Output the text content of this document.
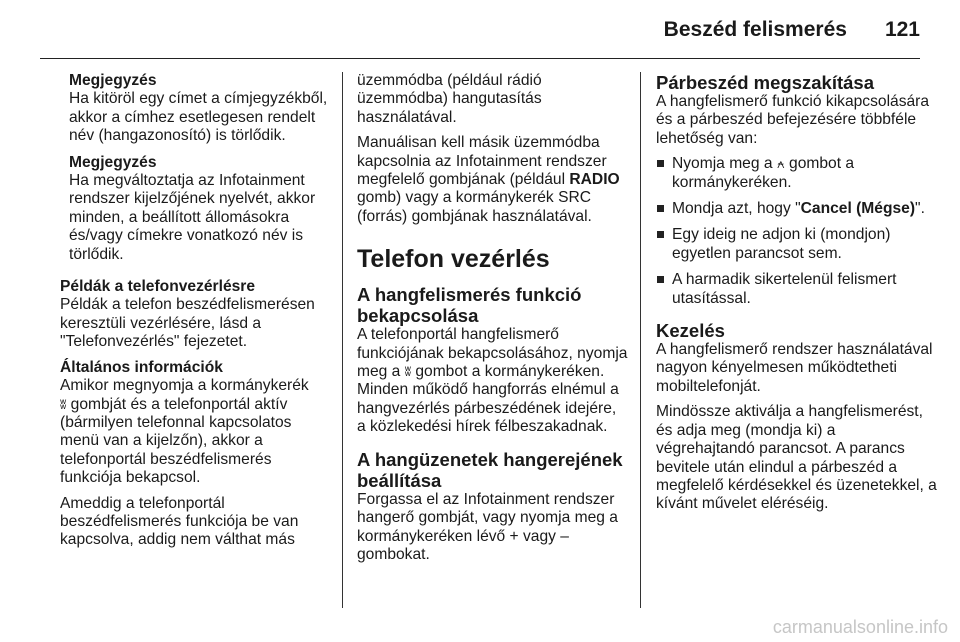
Beszéd felismerés 121
Megjegyzés
Ha kitöröl egy címet a címjegyzékből, akkor a címhez esetlegesen rendelt név (hangazonosító) is törlődik.
Megjegyzés
Ha megváltoztatja az Infotainment rendszer kijelzőjének nyelvét, akkor minden, a beállított állomásokra és/vagy címekre vonatkozó név is törlődik.
Példák a telefonvezérlésre

Példák a telefon beszédfelismerésen keresztüli vezérlésére, lásd a "Telefonvezérlés" fejezetet.

Általános információk

Amikor megnyomja a kormánykerék
ʬ gombját és a telefonportál aktív (bármilyen telefonnal kapcsolatos menü van a kijelzőn), akkor a telefonportál beszédfelismerés funkciója bekapcsol.

Ameddig a telefonportál beszédfelismerés funkciója be van kapcsolva, addig nem válthat más

üzemmódba (például rádió üzemmódba) hangutasítás használatával.

Manuálisan kell másik üzemmódba kapcsolnia az Infotainment rendszer megfelelő gombjának (például RADIO gomb) vagy a kormánykerék SRC (forrás) gombjának használatával.

Telefon vezérlés
A hangfelismerés funkció bekapcsolása

A telefonportál hangfelismerő funkciójának bekapcsolásához, nyomja meg a ʬ gombot a kormánykeréken. Minden működő hangforrás elnémul a hangvezérlés párbeszédének idejére, a közlekedési hírek félbeszakadnak.

A hangüzenetek hangerejének beállítása

Forgassa el az Infotainment rendszer hangerő gombját, vagy nyomja meg a kormánykeréken lévő + vagy – gombokat.

Párbeszéd megszakítása

A hangfelismerő funkció kikapcsolására és a párbeszéd befejezésére többféle lehetőség van:

Nyomja meg a ⍲ gombot a kormánykeréken.
Mondja azt, hogy "Cancel (Mégse)".
Egy ideig ne adjon ki (mondjon) egyetlen parancsot sem.
A harmadik sikertelenül felismert utasítással.
Kezelés

A hangfelismerő rendszer használatával nagyon kényelmesen működtetheti mobiltelefonját.

Mindössze aktiválja a hangfelismerést, és adja meg (mondja ki) a végrehajtandó parancsot. A parancs bevitele után elindul a párbeszéd a megfelelő kérdésekkel és üzenetekkel, a kívánt művelet eléréséig.

carmanualsonline.info
